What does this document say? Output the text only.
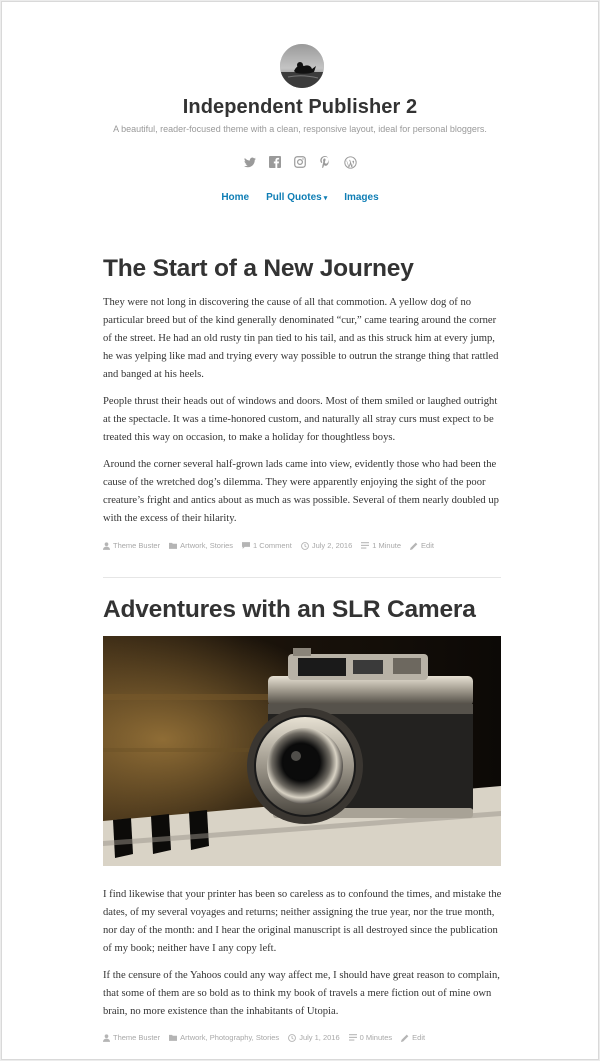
Independent Publisher 2
A beautiful, reader-focused theme with a clean, responsive layout, ideal for personal bloggers.
Home Pull Quotes ▾ Images
The Start of a New Journey

They were not long in discovering the cause of all that commotion. A yellow dog of no particular breed but of the kind generally denominated “cur,” came tearing around the corner of the street. He had an old rusty tin pan tied to his tail, and as this struck him at every jump, he was yelping like mad and trying every way possible to outrun the strange thing that rattled and banged at his heels.

People thrust their heads out of windows and doors. Most of them smiled or laughed outright at the spectacle. It was a time-honored custom, and naturally all stray curs must expect to be treated this way on occasion, to make a holiday for thoughtless boys.

Around the corner several half-grown lads came into view, evidently those who had been the cause of the wretched dog’s dilemma. They were apparently enjoying the sight of the poor creature’s fright and antics about as much as was possible. Several of them nearly doubled up with the excess of their hilarity.

Theme Buster	Artwork, Stories	1 Comment	July 2, 2016	1 Minute	Edit
Adventures with an SLR Camera

I find likewise that your printer has been so careless as to confound the times, and mistake the dates, of my several voyages and returns; neither assigning the true year, nor the true month, nor day of the month: and I hear the original manuscript is all destroyed since the publication of my book; neither have I any copy left.

If the censure of the Yahoos could any way affect me, I should have great reason to complain, that some of them are so bold as to think my book of travels a mere fiction out of mine own brain, no more existence than the inhabitants of Utopia.

Theme Buster	Artwork, Photography, Stories	July 1, 2016	0 Minutes	Edit
